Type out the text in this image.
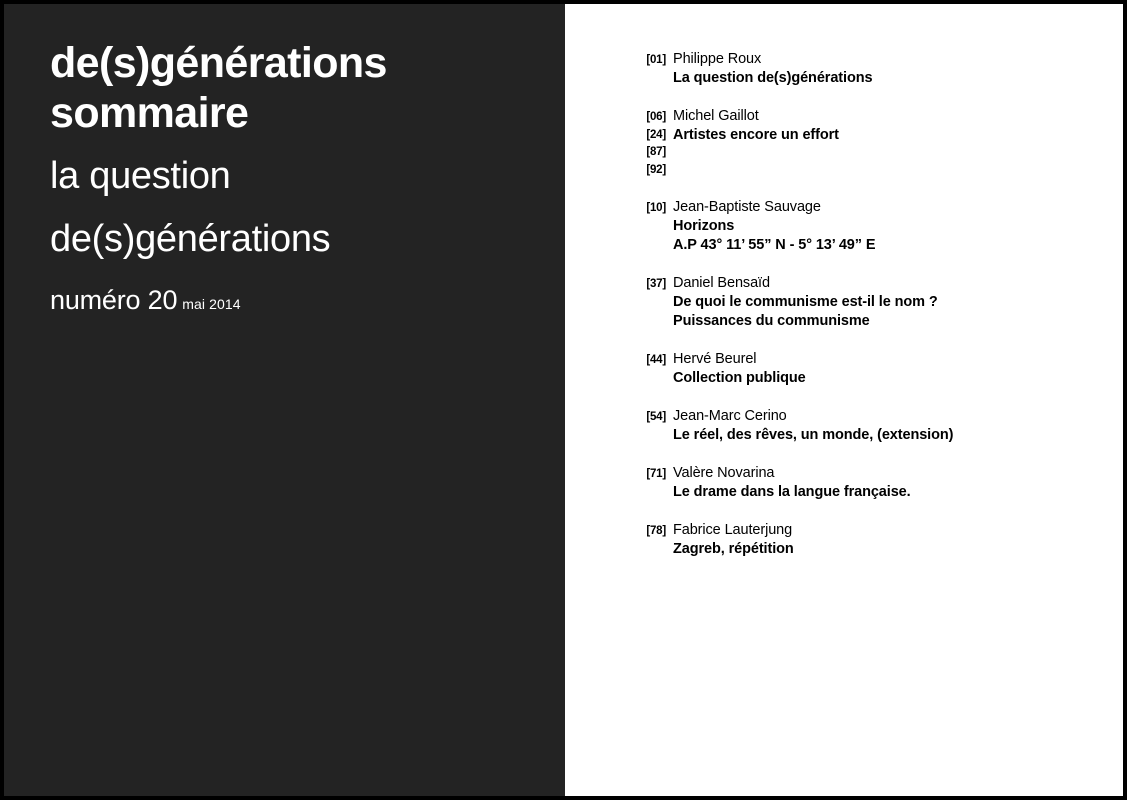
de(s)générations
sommaire
la question
de(s)générations
numéro 20 mai 2014
[01] Philippe Roux
La question de(s)générations
[06]
[24]
[87]
[92]
Michel Gaillot
Artistes encore un effort
[10] Jean-Baptiste Sauvage
Horizons
A.P 43° 11’ 55” N - 5° 13’ 49” E
[37] Daniel Bensaïd
De quoi le communisme est-il le nom ?
Puissances du communisme
[44] Hervé Beurel
Collection publique
[54] Jean-Marc Cerino
Le réel, des rêves, un monde, (extension)
[71] Valère Novarina
Le drame dans la langue française.
[78] Fabrice Lauterjung
Zagreb, répétition
